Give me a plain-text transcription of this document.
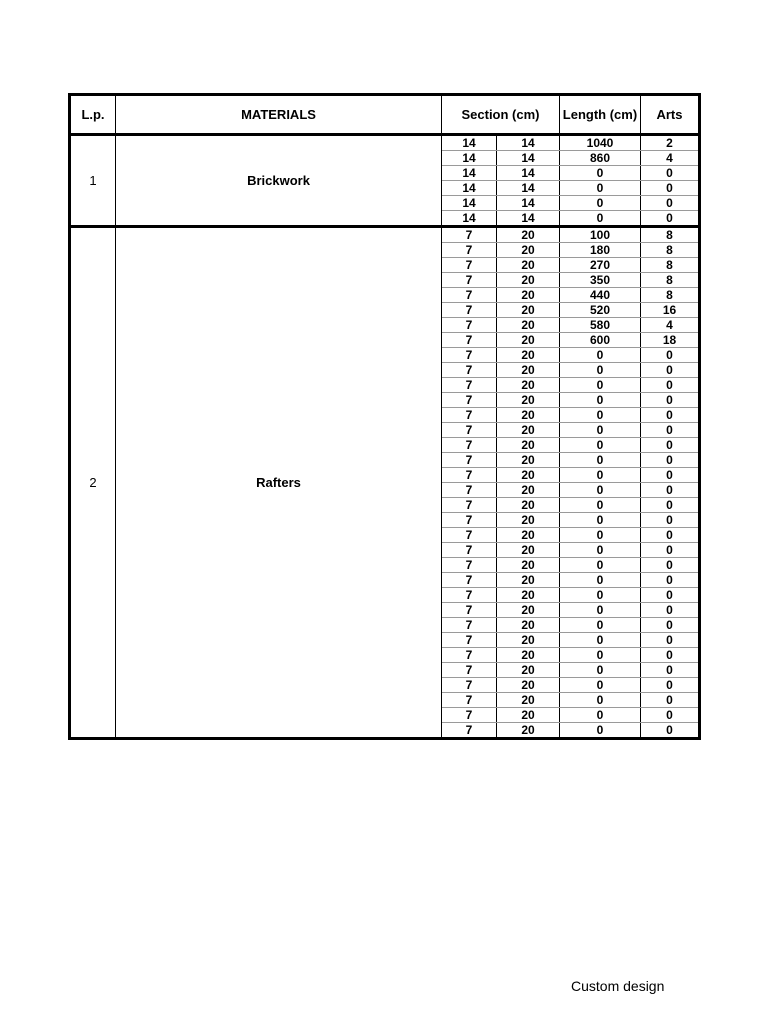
L.p.	MATERIALS	Section (cm)		Length (cm)	Arts
1	Brickwork	14	14	1040	2
		14	14	860	4
		14	14	0	0
		14	14	0	0
		14	14	0	0
		14	14	0	0
2	Rafters	7	20	100	8
		7	20	180	8
		7	20	270	8
		7	20	350	8
		7	20	440	8
		7	20	520	16
		7	20	580	4
		7	20	600	18
		7	20	0	0
		7	20	0	0
		7	20	0	0
		7	20	0	0
		7	20	0	0
		7	20	0	0
		7	20	0	0
		7	20	0	0
		7	20	0	0
		7	20	0	0
		7	20	0	0
		7	20	0	0
		7	20	0	0
		7	20	0	0
		7	20	0	0
		7	20	0	0
		7	20	0	0
		7	20	0	0
		7	20	0	0
		7	20	0	0
		7	20	0	0
		7	20	0	0
		7	20	0	0
		7	20	0	0
		7	20	0	0
		7	20	0	0
Custom design
